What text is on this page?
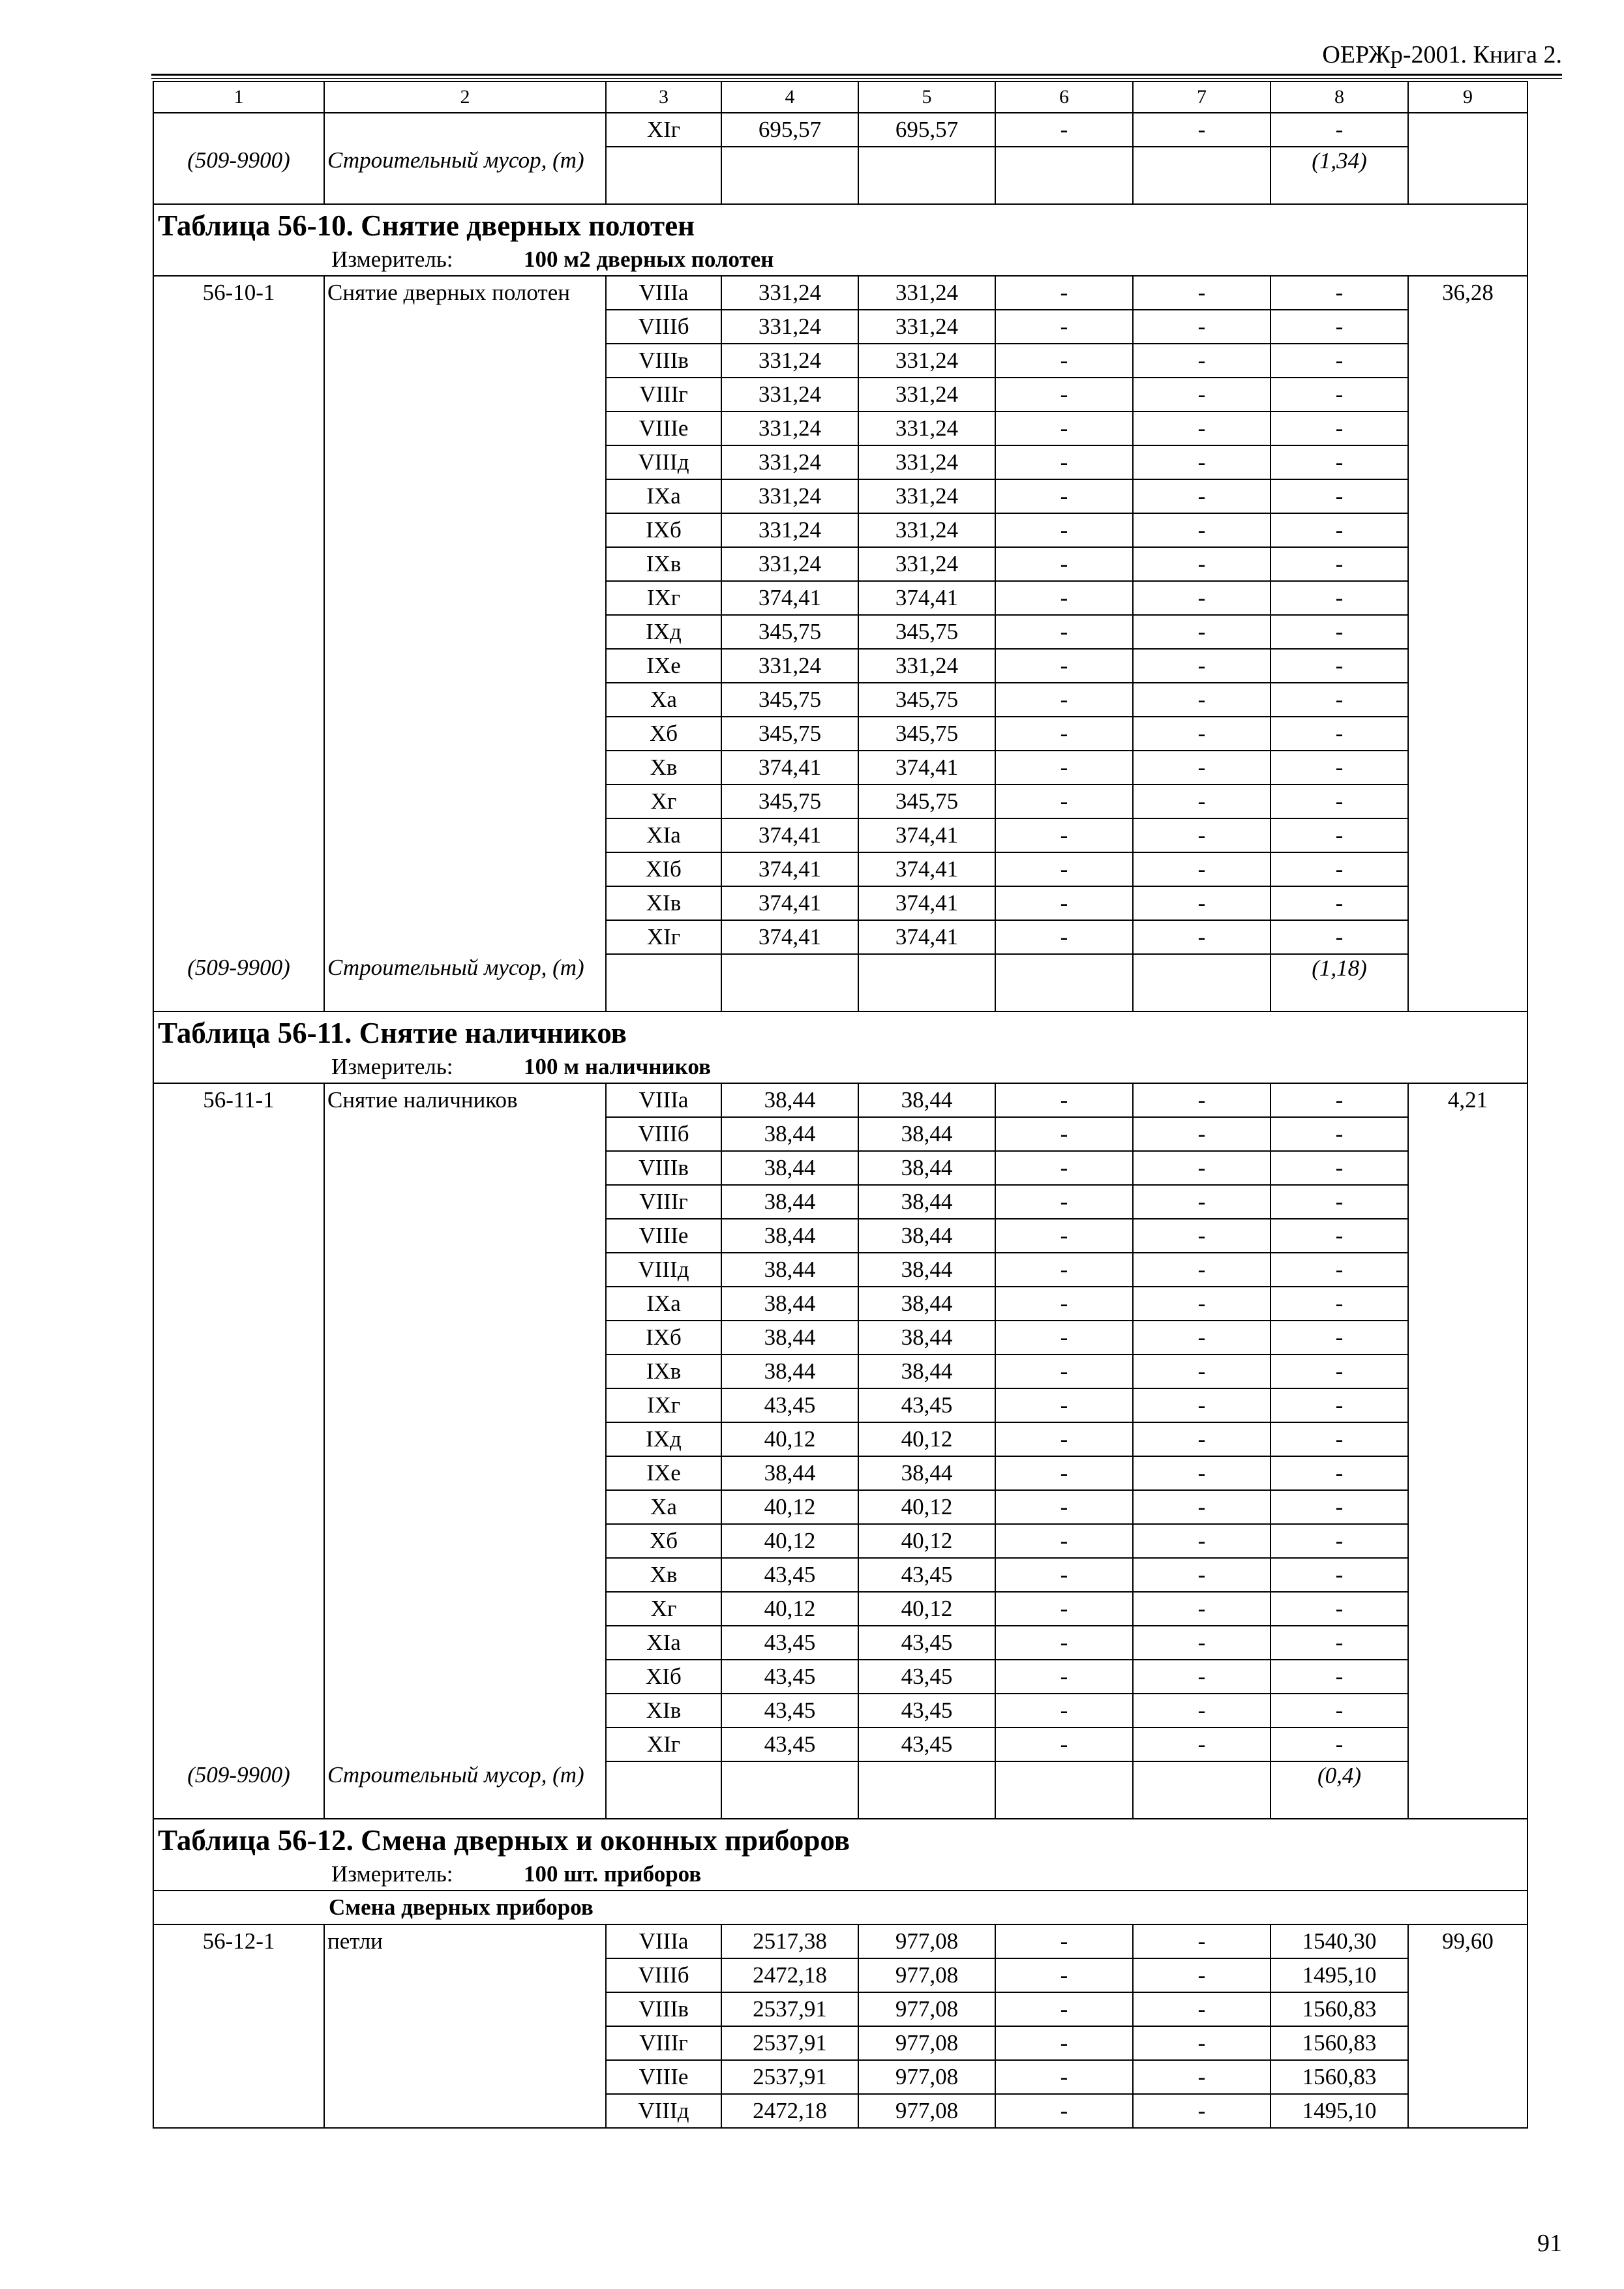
ОЕРЖр-2001. Книга 2.
1	2	3	4	5	6	7	8	9
		XIг	695,57	695,57	-	-	-	
(509-9900)	Строительный мусор, (т)						(1,34)	
Таблица 56-10. Снятие дверных полотен								
Измеритель: 100 м2 дверных полотен								
56-10-1	Снятие дверных полотен	VIIIа	331,24	331,24	-	-	-	36,28
		VIIIб	331,24	331,24	-	-	-	
		VIIIв	331,24	331,24	-	-	-	
		VIIIг	331,24	331,24	-	-	-	
		VIIIе	331,24	331,24	-	-	-	
		VIIIд	331,24	331,24	-	-	-	
		IXа	331,24	331,24	-	-	-	
		IXб	331,24	331,24	-	-	-	
		IXв	331,24	331,24	-	-	-	
		IXг	374,41	374,41	-	-	-	
		IXд	345,75	345,75	-	-	-	
		IXе	331,24	331,24	-	-	-	
		Xа	345,75	345,75	-	-	-	
		Xб	345,75	345,75	-	-	-	
		Xв	374,41	374,41	-	-	-	
		Xг	345,75	345,75	-	-	-	
		XIа	374,41	374,41	-	-	-	
		XIб	374,41	374,41	-	-	-	
		XIв	374,41	374,41	-	-	-	
		XIг	374,41	374,41	-	-	-	
(509-9900)	Строительный мусор, (т)						(1,18)	
Таблица 56-11. Снятие наличников								
Измеритель: 100 м наличников								
56-11-1	Снятие наличников	VIIIа	38,44	38,44	-	-	-	4,21
		VIIIб	38,44	38,44	-	-	-	
		VIIIв	38,44	38,44	-	-	-	
		VIIIг	38,44	38,44	-	-	-	
		VIIIе	38,44	38,44	-	-	-	
		VIIIд	38,44	38,44	-	-	-	
		IXа	38,44	38,44	-	-	-	
		IXб	38,44	38,44	-	-	-	
		IXв	38,44	38,44	-	-	-	
		IXг	43,45	43,45	-	-	-	
		IXд	40,12	40,12	-	-	-	
		IXе	38,44	38,44	-	-	-	
		Xа	40,12	40,12	-	-	-	
		Xб	40,12	40,12	-	-	-	
		Xв	43,45	43,45	-	-	-	
		Xг	40,12	40,12	-	-	-	
		XIа	43,45	43,45	-	-	-	
		XIб	43,45	43,45	-	-	-	
		XIв	43,45	43,45	-	-	-	
		XIг	43,45	43,45	-	-	-	
(509-9900)	Строительный мусор, (т)						(0,4)	
Таблица 56-12. Смена дверных и оконных приборов								
Измеритель: 100 шт. приборов								
Смена дверных приборов								
56-12-1	петли	VIIIа	2517,38	977,08	-	-	1540,30	99,60
		VIIIб	2472,18	977,08	-	-	1495,10	
		VIIIв	2537,91	977,08	-	-	1560,83	
		VIIIг	2537,91	977,08	-	-	1560,83	
		VIIIе	2537,91	977,08	-	-	1560,83	
		VIIIд	2472,18	977,08	-	-	1495,10	
91
